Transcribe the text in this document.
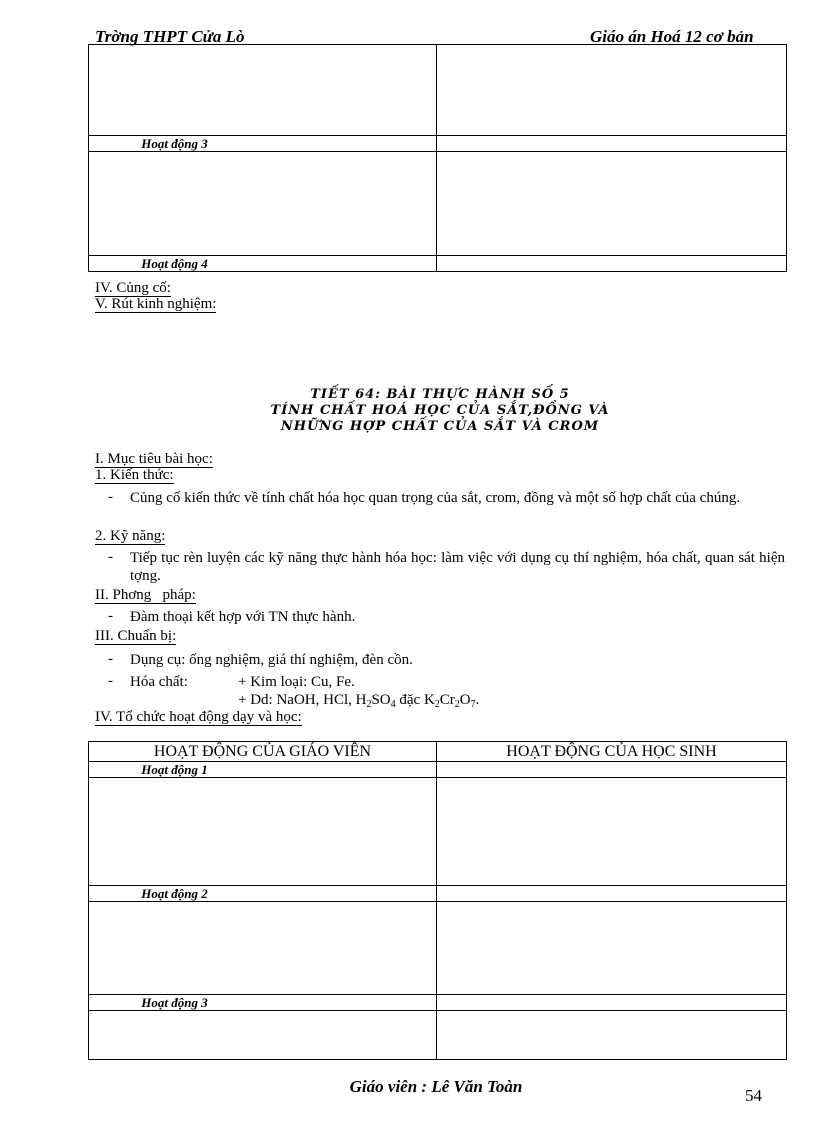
Trờng THPT Cửa Lò	Giáo án Hoá 12 cơ bản

Hoạt động 3	

Hoạt động 4	
IV. Củng cố:
V. Rút kinh nghiệm:
TIẾT 64: BÀI THỰC HÀNH SỐ 5
TÍNH CHẤT HOÁ HỌC CỦA SẮT,ĐỒNG VÀ
NHỮNG HỢP CHẤT CỦA SẮT VÀ CROM
I. Mục tiêu bài học:
1. Kiến thức:
- Củng cố kiến thức về tính chất hóa học quan trọng của sắt, crom, đồng và một số hợp chất của chúng.
2. Kỹ năng:
- Tiếp tục rèn luyện các kỹ năng thực hành hóa học: làm việc với dụng cụ thí nghiệm, hóa chất, quan sát hiện tợng.
II. Phơng   pháp:
- Đàm thoại kết hợp với TN thực hành.
III. Chuẩn bị:
- Dụng cụ: ống nghiệm, giá thí nghiệm, đèn cồn.
- Hóa chất:	+ Kim loại: Cu, Fe.
+ Dd: NaOH, HCl, $H_2SO_4$ đặc $K_2Cr_2O_7$.
IV. Tổ chức hoạt động dạy và học:
HOẠT ĐỘNG CỦA GIÁO VIÊN	HOẠT ĐỘNG CỦA HỌC SINH
Hoạt động 1	

Hoạt động 2	

Hoạt động 3	

Giáo viên : Lê Văn Toàn	54
